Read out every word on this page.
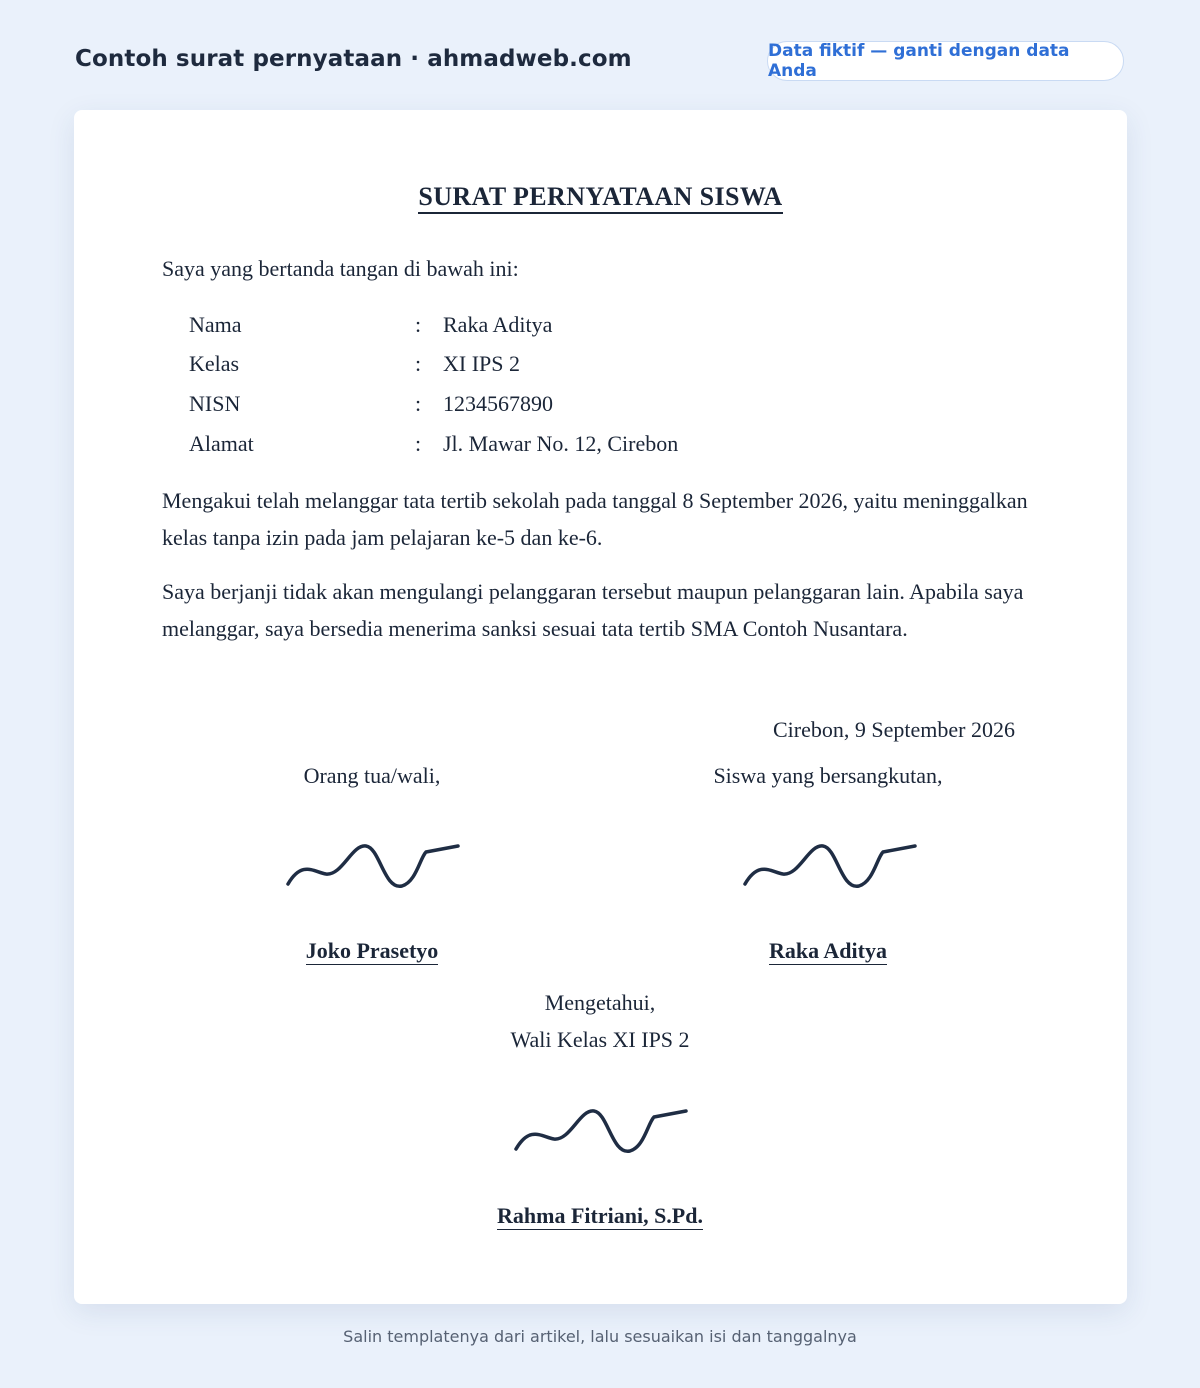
Contoh surat pernyataan · ahmadweb.com	Data fiktif — ganti dengan data Anda
SURAT PERNYATAAN SISWA
Saya yang bertanda tangan di bawah ini:
Nama	: Raka Aditya
Kelas	: XI IPS 2
NISN	: 1234567890
Alamat	: Jl. Mawar No. 12, Cirebon
Mengakui telah melanggar tata tertib sekolah pada tanggal 8 September 2026, yaitu meninggalkan kelas tanpa izin pada jam pelajaran ke-5 dan ke-6.
Saya berjanji tidak akan mengulangi pelanggaran tersebut maupun pelanggaran lain. Apabila saya melanggar, saya bersedia menerima sanksi sesuai tata tertib SMA Contoh Nusantara.
Cirebon, 9 September 2026
Orang tua/wali,
Joko Prasetyo
Siswa yang bersangkutan,
Raka Aditya
Mengetahui,
Wali Kelas XI IPS 2
Rahma Fitriani, S.Pd.
Salin templatenya dari artikel, lalu sesuaikan isi dan tanggalnya
